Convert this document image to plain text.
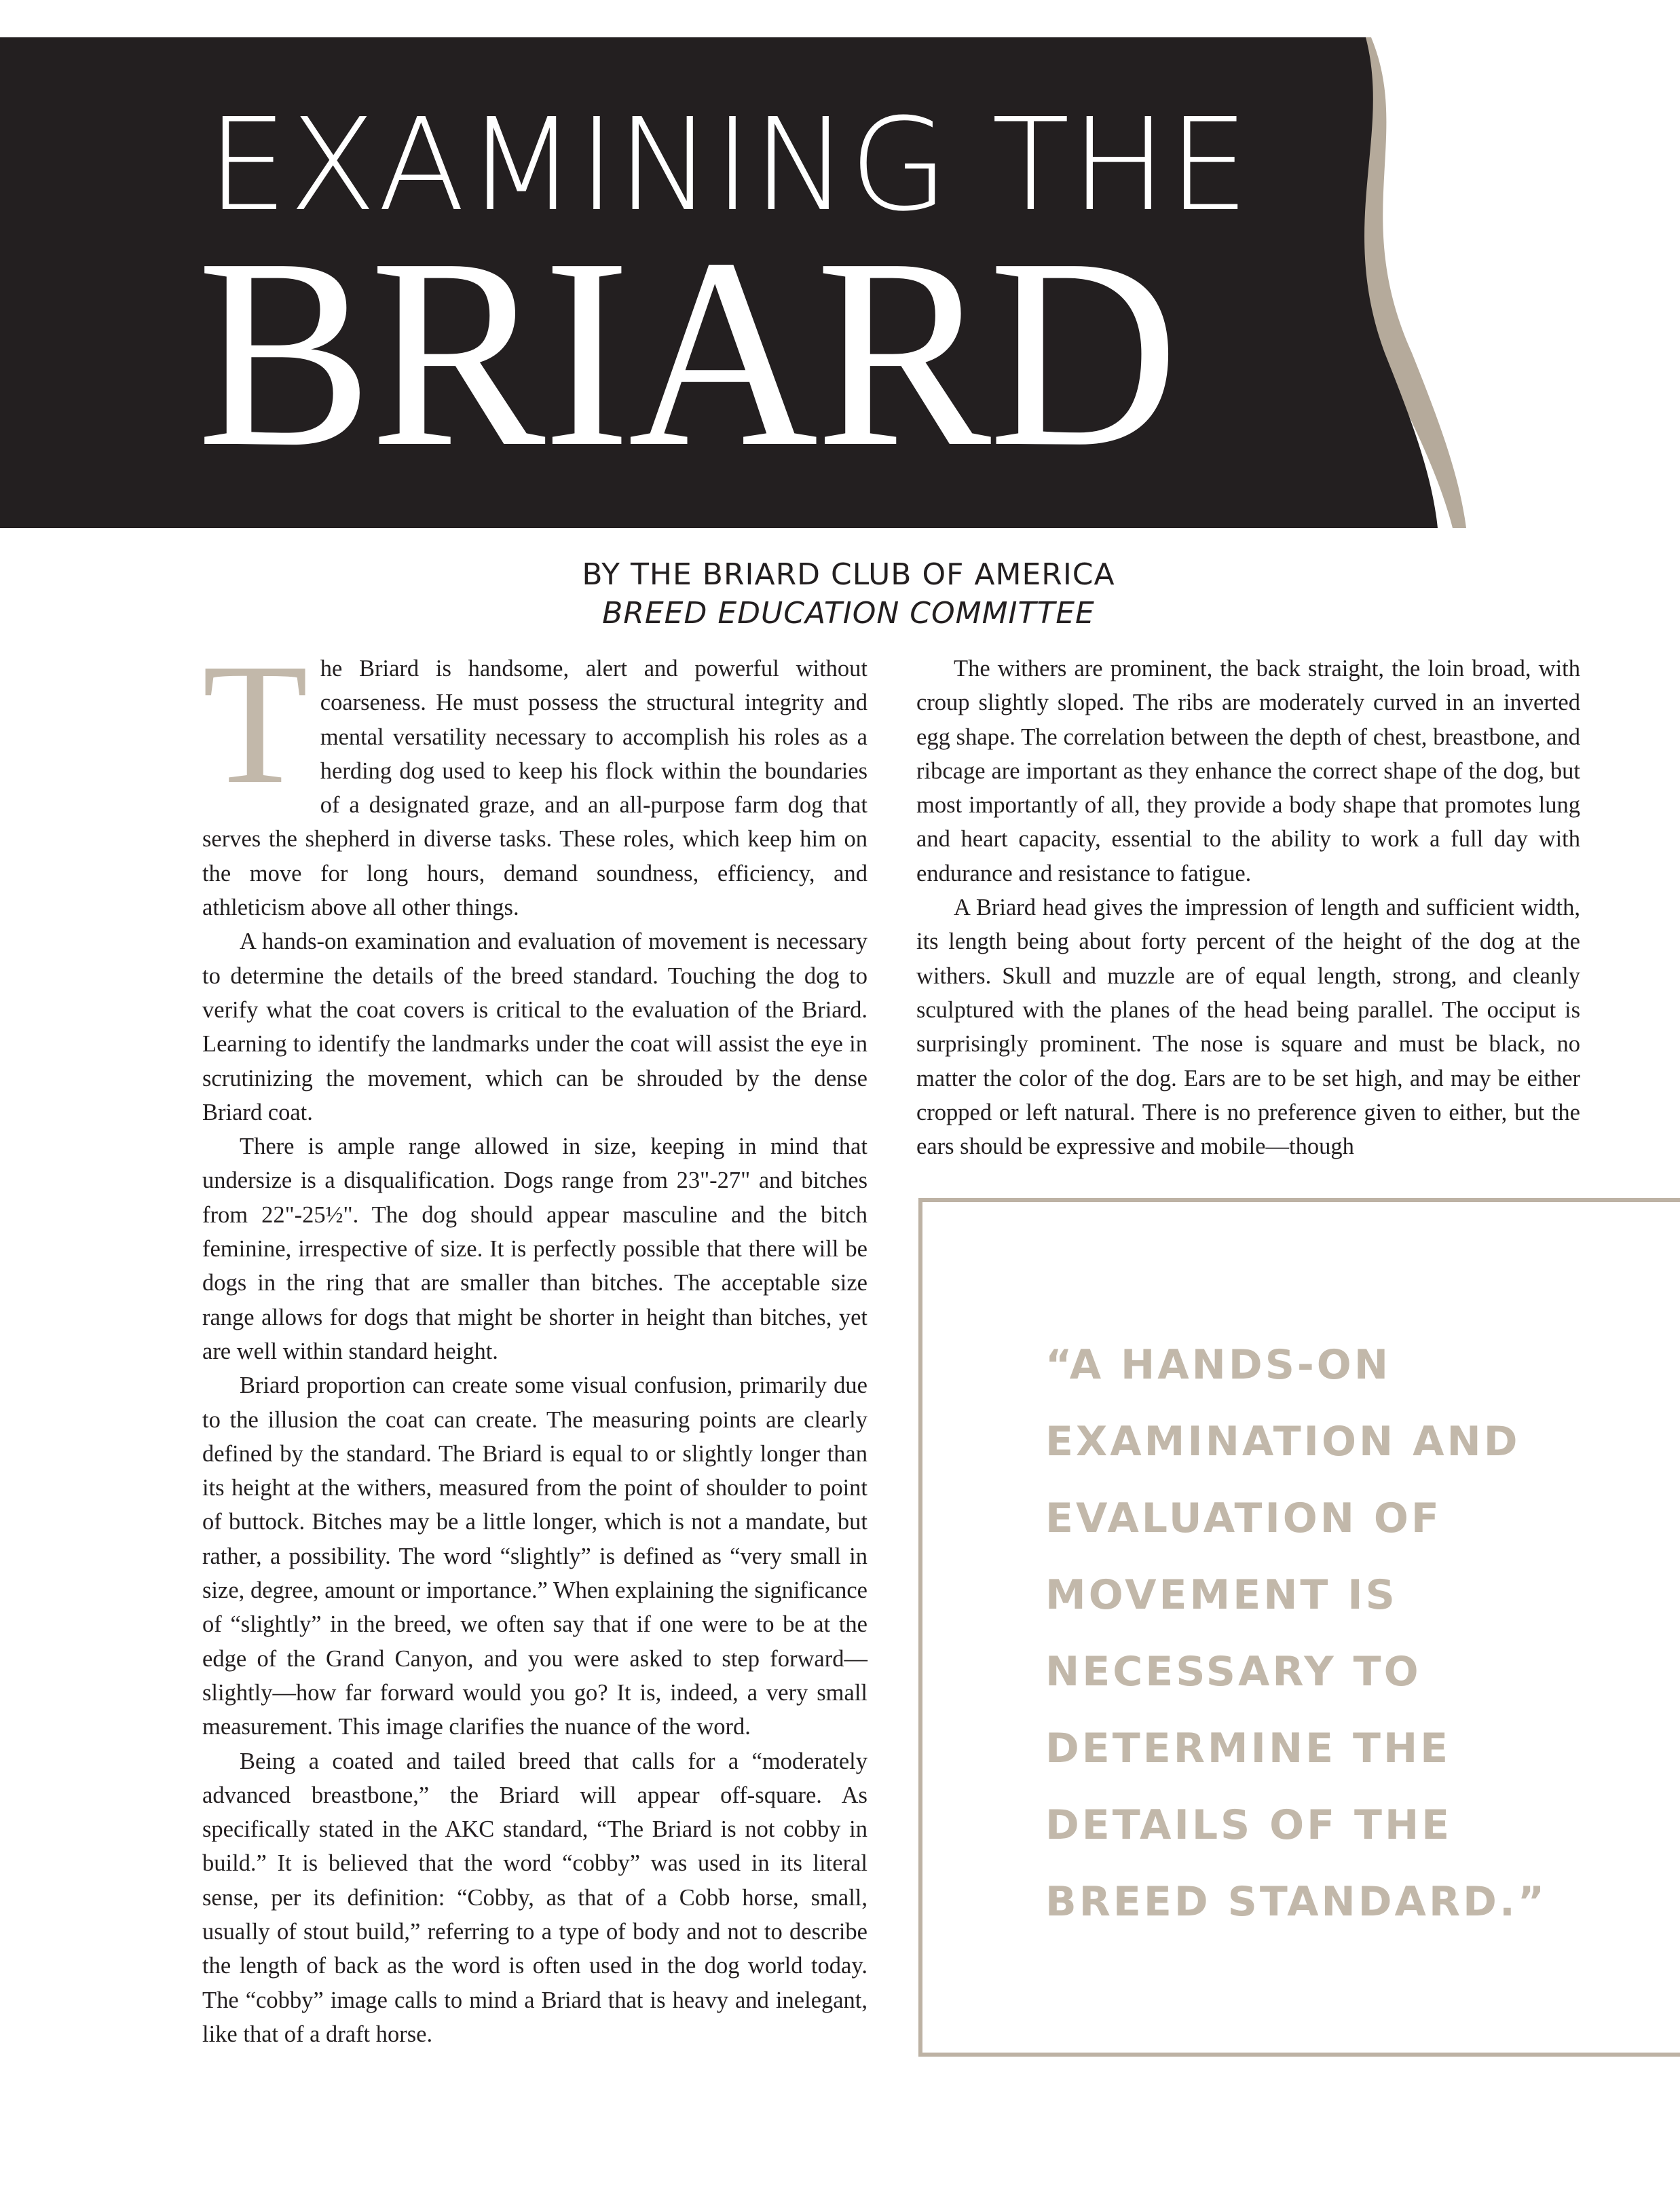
EXAMINING THE
BRIARD
BY THE BRIARD CLUB OF AMERICA
BREED EDUCATION COMMITTEE

The Briard is handsome, alert and powerful without coarseness. He must possess the structural integrity and mental versatility necessary to accomplish his roles as a herding dog used to keep his flock within the boundaries of a designated graze, and an all-purpose farm dog that serves the shepherd in diverse tasks. These roles, which keep him on the move for long hours, demand soundness, efficiency, and athleticism above all other things.

A hands-on examination and evaluation of movement is necessary to determine the details of the breed standard. Touching the dog to verify what the coat covers is critical to the evaluation of the Briard. Learning to identify the landmarks under the coat will assist the eye in scrutinizing the movement, which can be shrouded by the dense Briard coat.

There is ample range allowed in size, keeping in mind that undersize is a disqualification. Dogs range from 23"-27" and bitches from 22"-25½". The dog should appear masculine and the bitch feminine, irrespective of size. It is perfectly possible that there will be dogs in the ring that are smaller than bitches. The acceptable size range allows for dogs that might be shorter in height than bitches, yet are well within standard height.

Briard proportion can create some visual confusion, primarily due to the illusion the coat can create. The measuring points are clearly defined by the standard. The Briard is equal to or slightly longer than its height at the withers, measured from the point of shoulder to point of buttock. Bitches may be a little longer, which is not a mandate, but rather, a possibility. The word “slightly” is defined as “very small in size, degree, amount or importance.” When explaining the significance of “slightly” in the breed, we often say that if one were to be at the edge of the Grand Canyon, and you were asked to step forward—slightly—how far forward would you go? It is, indeed, a very small measurement. This image clarifies the nuance of the word.

Being a coated and tailed breed that calls for a “moderately advanced breastbone,” the Briard will appear off-square. As specifically stated in the AKC standard, “The Briard is not cobby in build.” It is believed that the word “cobby” was used in its literal sense, per its definition: “Cobby, as that of a Cobb horse, small, usually of stout build,” referring to a type of body and not to describe the length of back as the word is often used in the dog world today. The “cobby” image calls to mind a Briard that is heavy and inelegant, like that of a draft horse.

The withers are prominent, the back straight, the loin broad, with croup slightly sloped. The ribs are moderately curved in an inverted egg shape. The correlation between the depth of chest, breastbone, and ribcage are important as they enhance the correct shape of the dog, but most importantly of all, they provide a body shape that promotes lung and heart capacity, essential to the ability to work a full day with endurance and resistance to fatigue.

A Briard head gives the impression of length and sufficient width, its length being about forty percent of the height of the dog at the withers. Skull and muzzle are of equal length, strong, and cleanly sculptured with the planes of the head being parallel. The occiput is surprisingly prominent. The nose is square and must be black, no matter the color of the dog. Ears are to be set high, and may be either cropped or left natural. There is no preference given to either, but the ears should be expressive and mobile—though

“A HANDS-ON EXAMINATION AND EVALUATION OF MOVEMENT IS NECESSARY TO DETERMINE THE DETAILS OF THE BREED STANDARD.”
